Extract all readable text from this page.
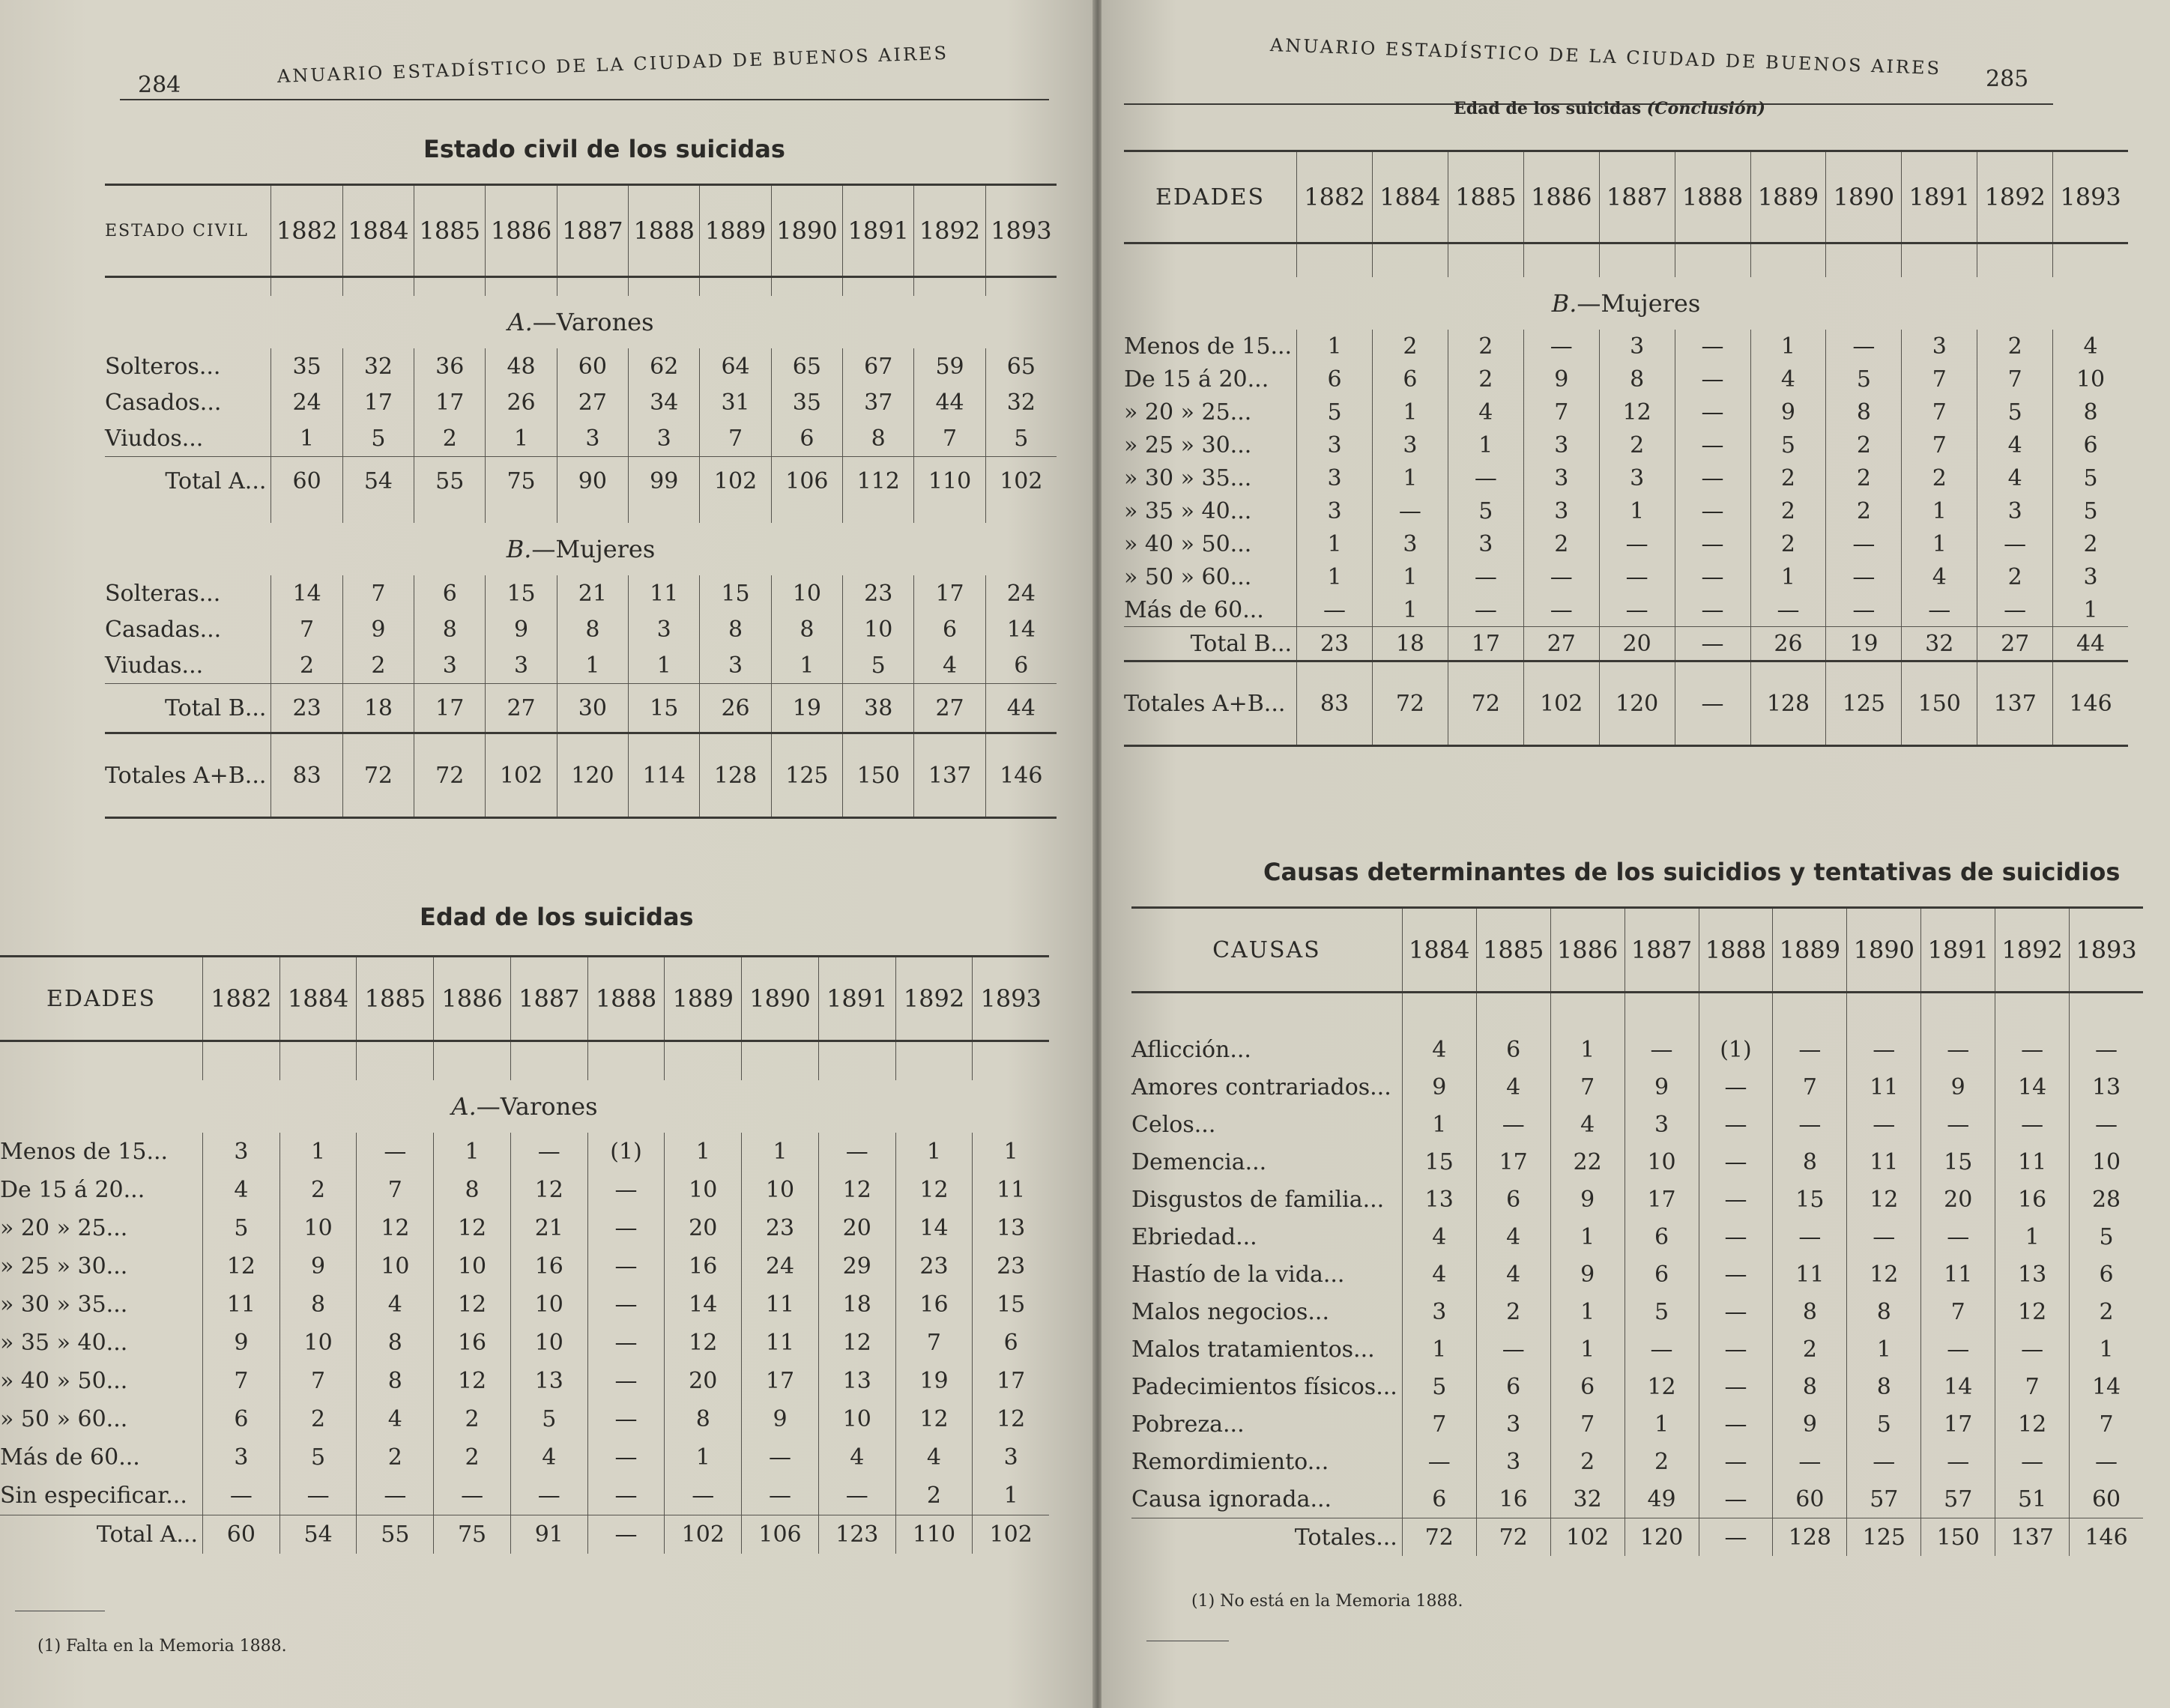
284	ANUARIO ESTADÍSTICO DE LA CIUDAD DE BUENOS AIRES
Estado civil de los suicidas
ESTADO CIVIL	1882	1884	1885	1886	1887	1888	1889	1890	1891	1892	1893

A.—Varones											
Solteros...	35	32	36	48	60	62	64	65	67	59	65
Casados...	24	17	17	26	27	34	31	35	37	44	32
Viudos...	1	5	2	1	3	3	7	6	8	7	5
Total A...	60	54	55	75	90	99	102	106	112	110	102

B.—Mujeres											
Solteras...	14	7	6	15	21	11	15	10	23	17	24
Casadas...	7	9	8	9	8	3	8	8	10	6	14
Viudas...	2	2	3	3	1	1	3	1	5	4	6
Total B...	23	18	17	27	30	15	26	19	38	27	44
Totales A+B...	83	72	72	102	120	114	128	125	150	137	146
Edad de los suicidas
EDADES	1882	1884	1885	1886	1887	1888	1889	1890	1891	1892	1893

A.—Varones											
Menos de 15...	3	1	—	1	—	(1)	1	1	—	1	1
De 15 á 20...	4	2	7	8	12	—	10	10	12	12	11
» 20 » 25...	5	10	12	12	21	—	20	23	20	14	13
» 25 » 30...	12	9	10	10	16	—	16	24	29	23	23
» 30 » 35...	11	8	4	12	10	—	14	11	18	16	15
» 35 » 40...	9	10	8	16	10	—	12	11	12	7	6
» 40 » 50...	7	7	8	12	13	—	20	17	13	19	17
» 50 » 60...	6	2	4	2	5	—	8	9	10	12	12
Más de 60...	3	5	2	2	4	—	1	—	4	4	3
Sin especificar...	—	—	—	—	—	—	—	—	—	2	1
Total A...	60	54	55	75	91	—	102	106	123	110	102
(1) Falta en la Memoria 1888.
ANUARIO ESTADÍSTICO DE LA CIUDAD DE BUENOS AIRES
285
Edad de los suicidas (Conclusión)
EDADES	1882	1884	1885	1886	1887	1888	1889	1890	1891	1892	1893

B.—Mujeres											
Menos de 15...	1	2	2	—	3	—	1	—	3	2	4
De 15 á 20...	6	6	2	9	8	—	4	5	7	7	10
» 20 » 25...	5	1	4	7	12	—	9	8	7	5	8
» 25 » 30...	3	3	1	3	2	—	5	2	7	4	6
» 30 » 35...	3	1	—	3	3	—	2	2	2	4	5
» 35 » 40...	3	—	5	3	1	—	2	2	1	3	5
» 40 » 50...	1	3	3	2	—	—	2	—	1	—	2
» 50 » 60...	1	1	—	—	—	—	1	—	4	2	3
Más de 60...	—	1	—	—	—	—	—	—	—	—	1
Total B...	23	18	17	27	20	—	26	19	32	27	44
Totales A+B...	83	72	72	102	120	—	128	125	150	137	146
Causas determinantes de los suicidios y tentativas de suicidios
CAUSAS	1884	1885	1886	1887	1888	1889	1890	1891	1892	1893

Aflicción...	4	6	1	—	(1)	—	—	—	—	—
Amores contrariados...	9	4	7	9	—	7	11	9	14	13
Celos...	1	—	4	3	—	—	—	—	—	—
Demencia...	15	17	22	10	—	8	11	15	11	10
Disgustos de familia...	13	6	9	17	—	15	12	20	16	28
Ebriedad...	4	4	1	6	—	—	—	—	1	5
Hastío de la vida...	4	4	9	6	—	11	12	11	13	6
Malos negocios...	3	2	1	5	—	8	8	7	12	2
Malos tratamientos...	1	—	1	—	—	2	1	—	—	1
Padecimientos físicos...	5	6	6	12	—	8	8	14	7	14
Pobreza...	7	3	7	1	—	9	5	17	12	7
Remordimiento...	—	3	2	2	—	—	—	—	—	—
Causa ignorada...	6	16	32	49	—	60	57	57	51	60
Totales...	72	72	102	120	—	128	125	150	137	146
(1) No está en la Memoria 1888.
